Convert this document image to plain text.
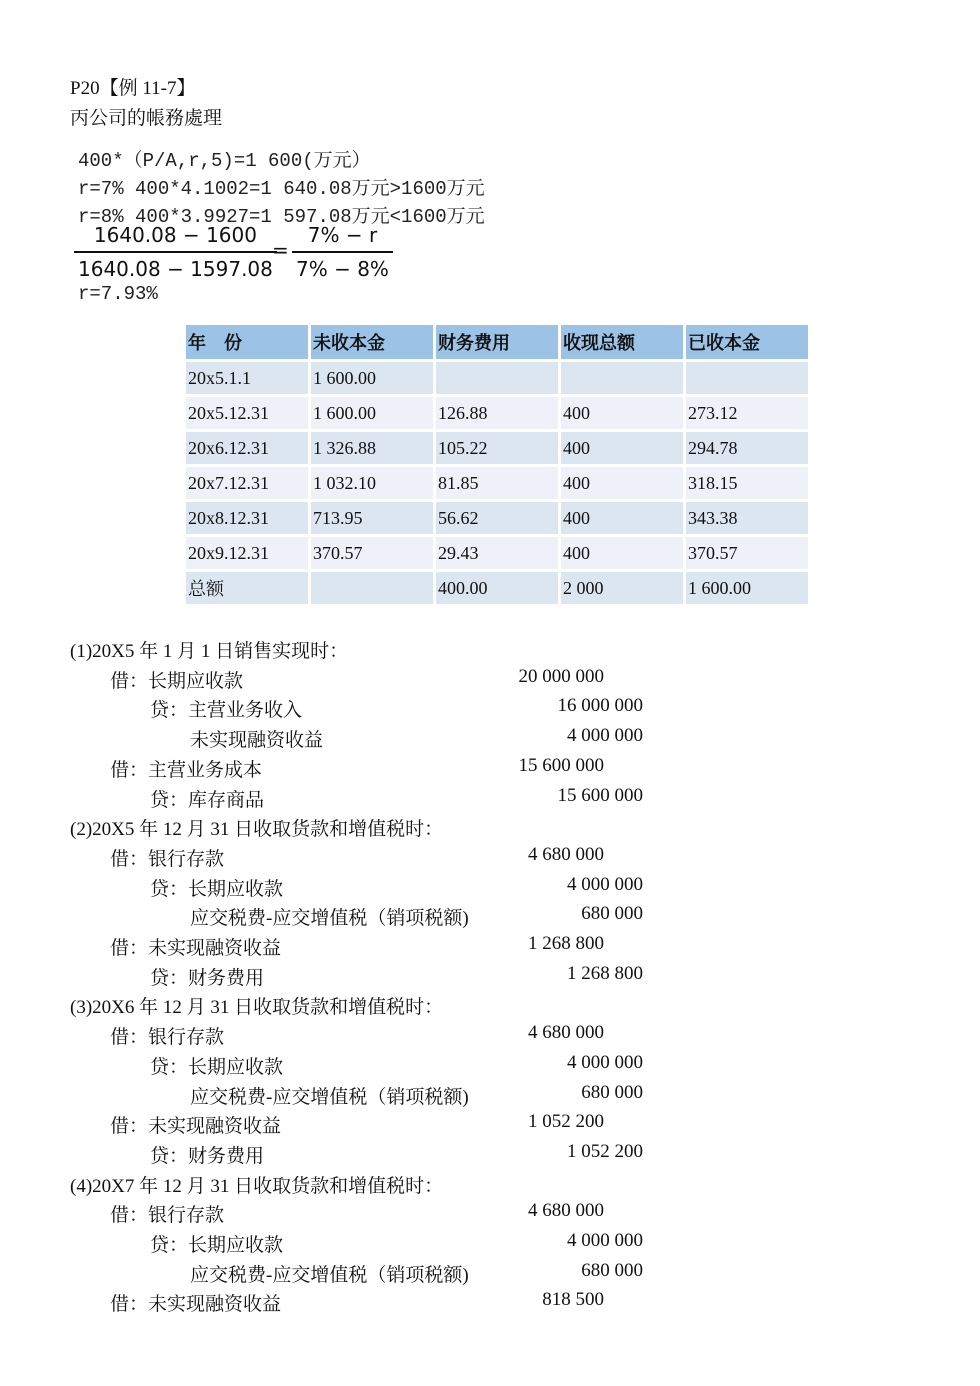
P20【例 11-7】
丙公司的帳務處理
400*（P/A,r,5)=1 600(万元）
r=7% 400*4.1002=1 640.08万元>1600万元
r=8% 400*3.9927=1 597.08万元<1600万元
1640.08 − 1600
1640.08 − 1597.08
=
7% − r
7% − 8%
r=7.93%
年　份	未收本金	财务费用	收现总额	已收本金
20x5.1.1	1 600.00			
20x5.12.31	1 600.00	126.88	400	273.12
20x6.12.31	1 326.88	105.22	400	294.78
20x7.12.31	1 032.10	81.85	400	318.15
20x8.12.31	713.95	56.62	400	343.38
20x9.12.31	370.57	29.43	400	370.57
总额		400.00	2 000	1 600.00
(1)20X5 年 1 月 1 日销售实现时：
借：长期应收款	20 000 000
贷：主营业务收入	16 000 000
未实现融资收益	4 000 000
借：主营业务成本	15 600 000
贷：库存商品	15 600 000
(2)20X5 年 12 月 31 日收取货款和增值税时：
借：银行存款	4 680 000
贷：长期应收款	4 000 000
应交税费-应交增值税（销项税额)	680 000
借：未实现融资收益	1 268 800
贷：财务费用	1 268 800
(3)20X6 年 12 月 31 日收取货款和增值税时：
借：银行存款	4 680 000
贷：长期应收款	4 000 000
应交税费-应交增值税（销项税额)	680 000
借：未实现融资收益	1 052 200
贷：财务费用	1 052 200
(4)20X7 年 12 月 31 日收取货款和增值税时：
借：银行存款	4 680 000
贷：长期应收款	4 000 000
应交税费-应交增值税（销项税额)	680 000
借：未实现融资收益	818 500
